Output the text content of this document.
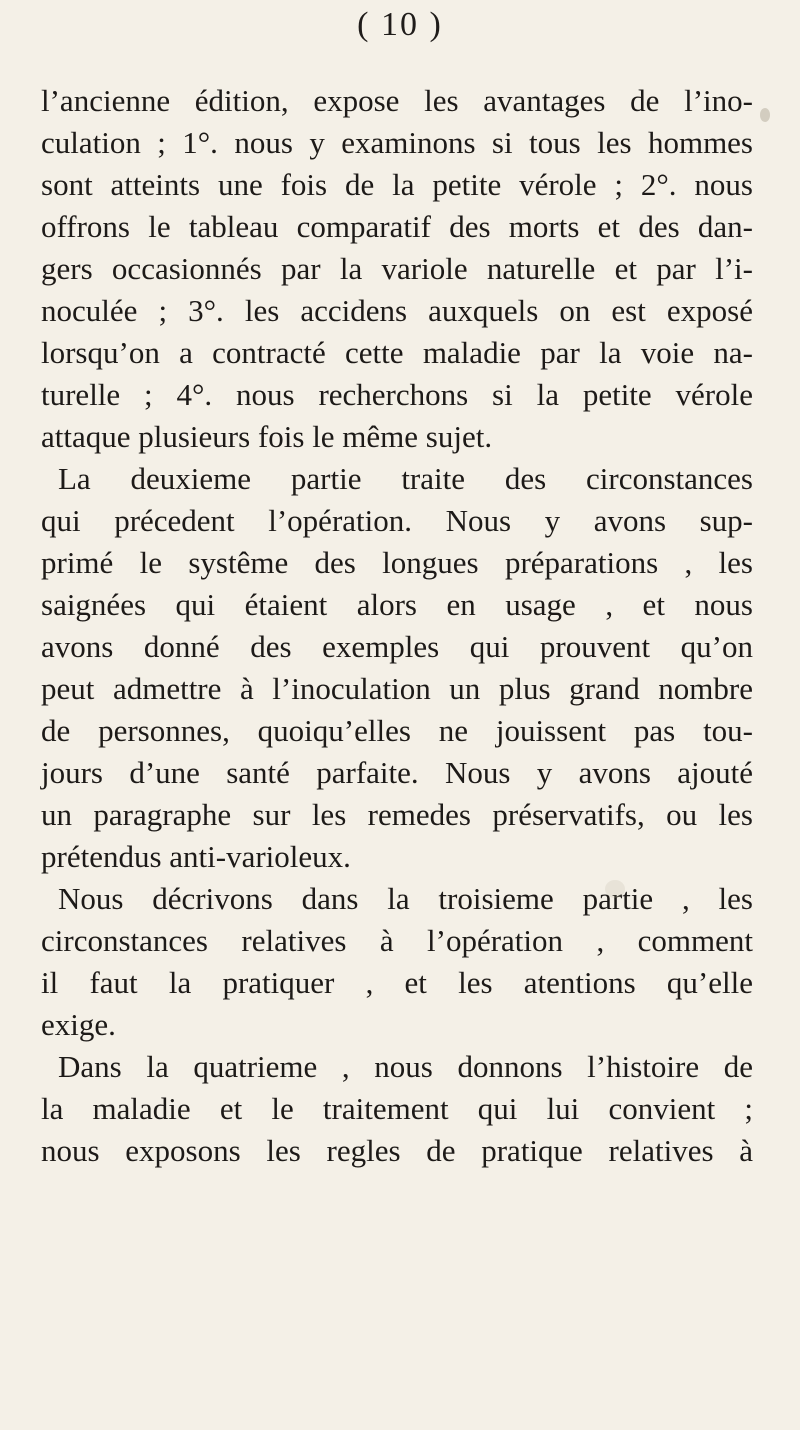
( 10 )
l’ancienne édition, expose les avantages de l’ino-
culation ; 1°. nous y examinons si tous les hommes
sont atteints une fois de la petite vérole ; 2°. nous
offrons le tableau comparatif des morts et des dan-
gers occasionnés par la variole naturelle et par l’i-
noculée ; 3°. les accidens auxquels on est exposé
lorsqu’on a contracté cette maladie par la voie na-
turelle ; 4°. nous recherchons si la petite vérole
attaque plusieurs fois le même sujet.
La deuxieme partie traite des circonstances
qui précedent l’opération. Nous y avons sup-
primé le systême des longues préparations , les
saignées qui étaient alors en usage , et nous
avons donné des exemples qui prouvent qu’on
peut admettre à l’inoculation un plus grand nombre
de personnes, quoiqu’elles ne jouissent pas tou-
jours d’une santé parfaite. Nous y avons ajouté
un paragraphe sur les remedes préservatifs, ou les
prétendus anti-varioleux.
Nous décrivons dans la troisieme partie , les
circonstances relatives à l’opération , comment
il faut la pratiquer , et les atentions qu’elle
exige.
Dans la quatrieme , nous donnons l’histoire de
la maladie et le traitement qui lui convient ;
nous exposons les regles de pratique relatives à
